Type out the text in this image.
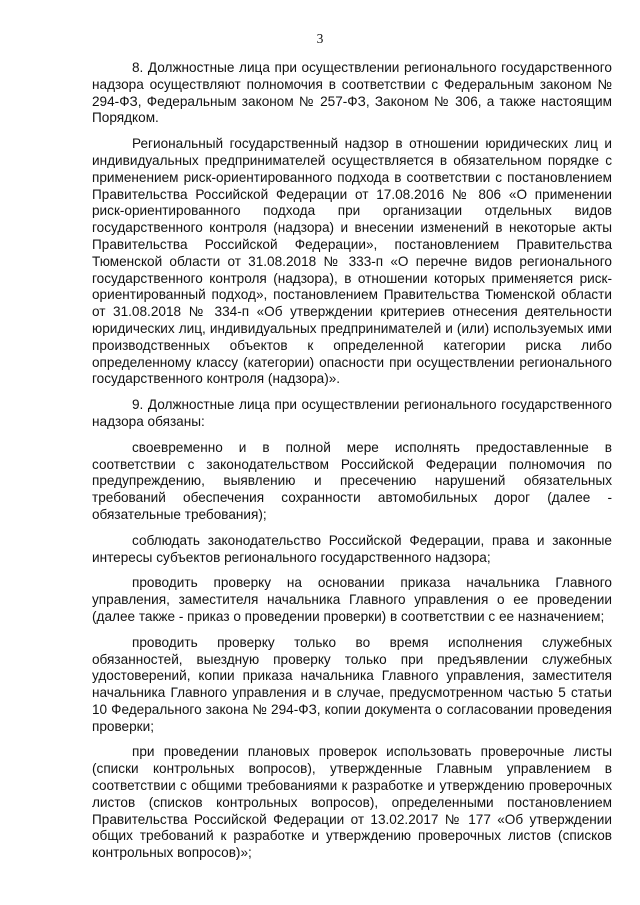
3

8. Должностные лица при осуществлении регионального государственного надзора осуществляют полномочия в соответствии с Федеральным законом № 294-ФЗ, Федеральным законом № 257-ФЗ, Законом № 306, а также настоящим Порядком.

Региональный государственный надзор в отношении юридических лиц и индивидуальных предпринимателей осуществляется в обязательном порядке с применением риск-ориентированного подхода в соответствии с постановлением Правительства Российской Федерации от 17.08.2016 № 806 «О применении риск-ориентированного подхода при организации отдельных видов государственного контроля (надзора) и внесении изменений в некоторые акты Правительства Российской Федерации», постановлением Правительства Тюменской области от 31.08.2018 № 333-п «О перечне видов регионального государственного контроля (надзора), в отношении которых применяется риск-ориентированный подход», постановлением Правительства Тюменской области от 31.08.2018 № 334-п «Об утверждении критериев отнесения деятельности юридических лиц, индивидуальных предпринимателей и (или) используемых ими производственных объектов к определенной категории риска либо определенному классу (категории) опасности при осуществлении регионального государственного контроля (надзора)».

9. Должностные лица при осуществлении регионального государственного надзора обязаны:

своевременно и в полной мере исполнять предоставленные в соответствии с законодательством Российской Федерации полномочия по предупреждению, выявлению и пресечению нарушений обязательных требований обеспечения сохранности автомобильных дорог (далее - обязательные требования);

соблюдать законодательство Российской Федерации, права и законные интересы субъектов регионального государственного надзора;

проводить проверку на основании приказа начальника Главного управления, заместителя начальника Главного управления о ее проведении (далее также - приказ о проведении проверки) в соответствии с ее назначением;

проводить проверку только во время исполнения служебных обязанностей, выездную проверку только при предъявлении служебных удостоверений, копии приказа начальника Главного управления, заместителя начальника Главного управления и в случае, предусмотренном частью 5 статьи 10 Федерального закона № 294-ФЗ, копии документа о согласовании проведения проверки;

при проведении плановых проверок использовать проверочные листы (списки контрольных вопросов), утвержденные Главным управлением в соответствии с общими требованиями к разработке и утверждению проверочных листов (списков контрольных вопросов), определенными постановлением Правительства Российской Федерации от 13.02.2017 № 177 «Об утверждении общих требований к разработке и утверждению проверочных листов (списков контрольных вопросов)»;
